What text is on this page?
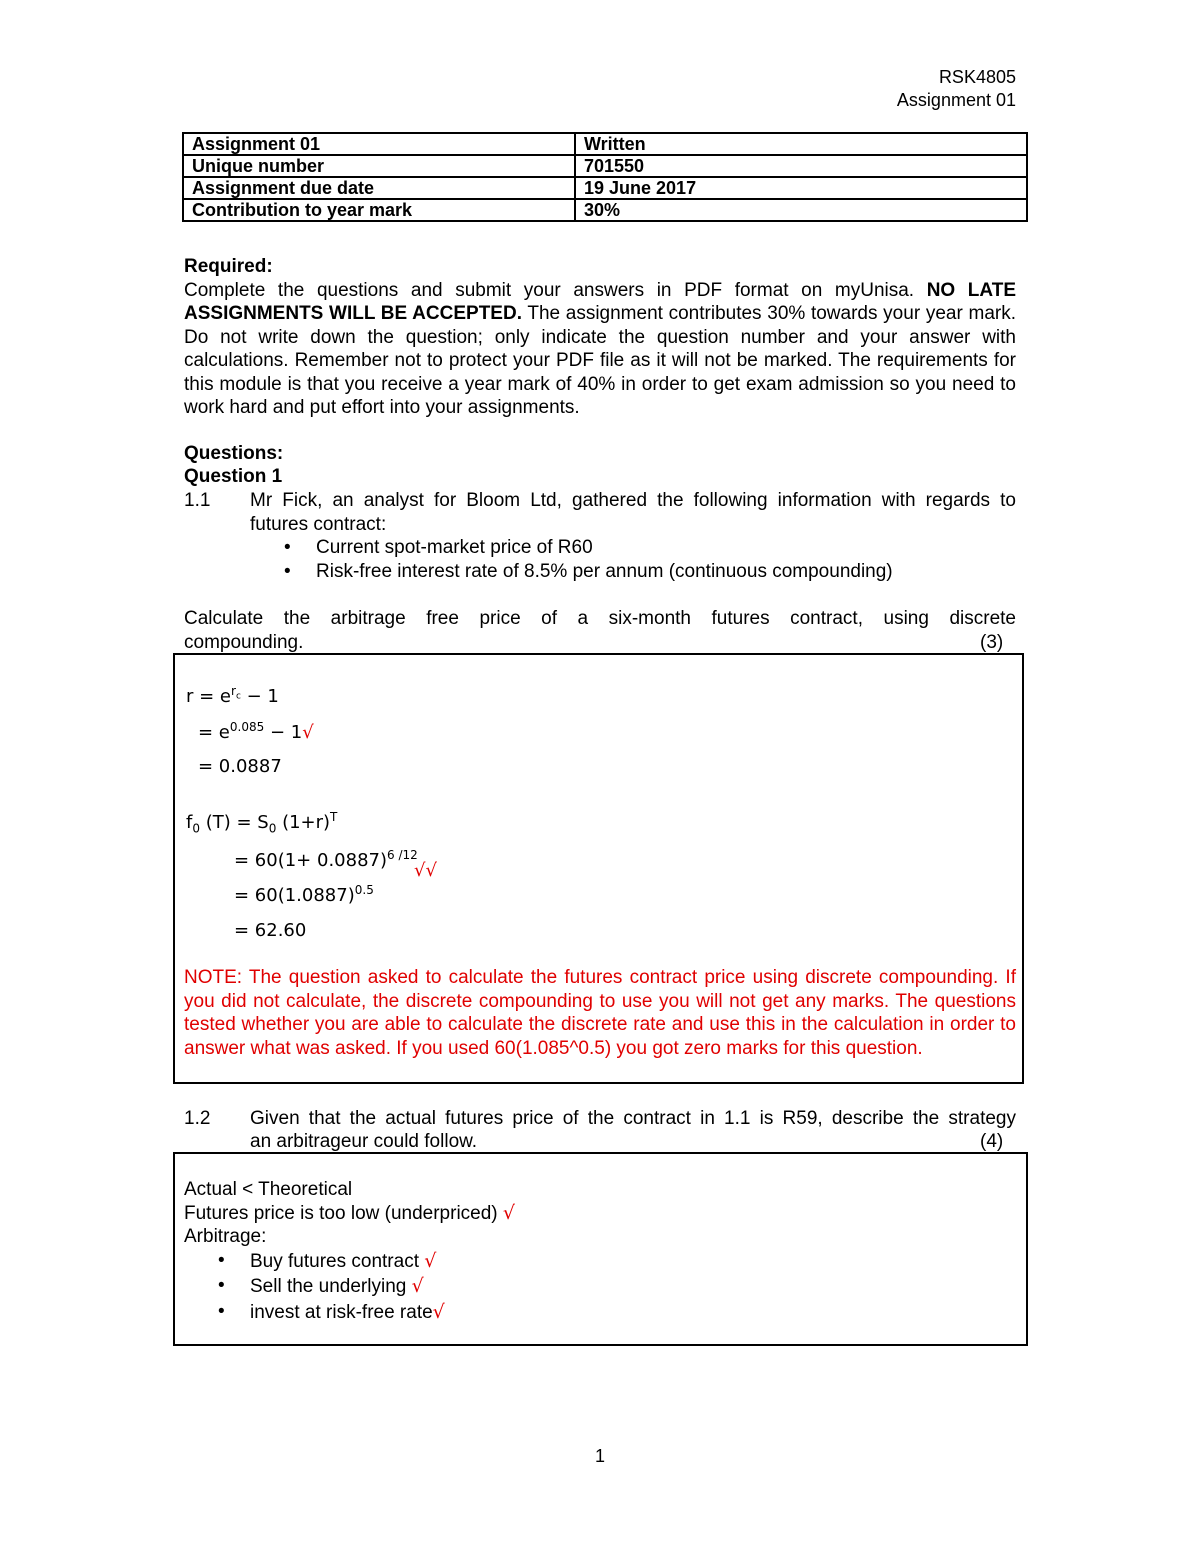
RSK4805
Assignment 01
Assignment 01	Written
Unique number	701550
Assignment due date	19 June 2017
Contribution to year mark	30%

Required:

Complete the questions and submit your answers in PDF format on myUnisa. NO LATE ASSIGNMENTS WILL BE ACCEPTED. The assignment contributes 30% towards your year mark. Do not write down the question; only indicate the question number and your answer with calculations. Remember not to protect your PDF file as it will not be marked. The requirements for this module is that you receive a year mark of 40% in order to get exam admission so you need to work hard and put effort into your assignments.

Questions:
Question 1
1.1 Mr Fick, an analyst for Bloom Ltd, gathered the following information with regards to futures contract:
• Current spot-market price of R60
• Risk-free interest rate of 8.5% per annum (continuous compounding)
Calculate the arbitrage free price of a six-month futures contract, using discrete
compounding.	(3)
$r = e^{r_c} - 1$
= $e^{0.085} - 1√$
= 0.0887
$f_0$ $(T) = S_0$ $(1+r)^T$
= $60(1+ 0.0887)^{6 /12}$
= $60(1.0887)^{0.5}$
√√
= 62.60
NOTE: The question asked to calculate the futures contract price using discrete compounding. If you did not calculate, the discrete compounding to use you will not get any marks. The questions tested whether you are able to calculate the discrete rate and use this in the calculation in order to answer what was asked. If you used 60(1.085^0.5) you got zero marks for this question.
1.2 Given that the actual futures price of the contract in 1.1 is R59, describe the strategy
an arbitrageur could follow.	(4)
Actual < Theoretical
Futures price is too low (underpriced) √
Arbitrage:
• Buy futures contract √
• Sell the underlying √
• invest at risk-free rate√
1
